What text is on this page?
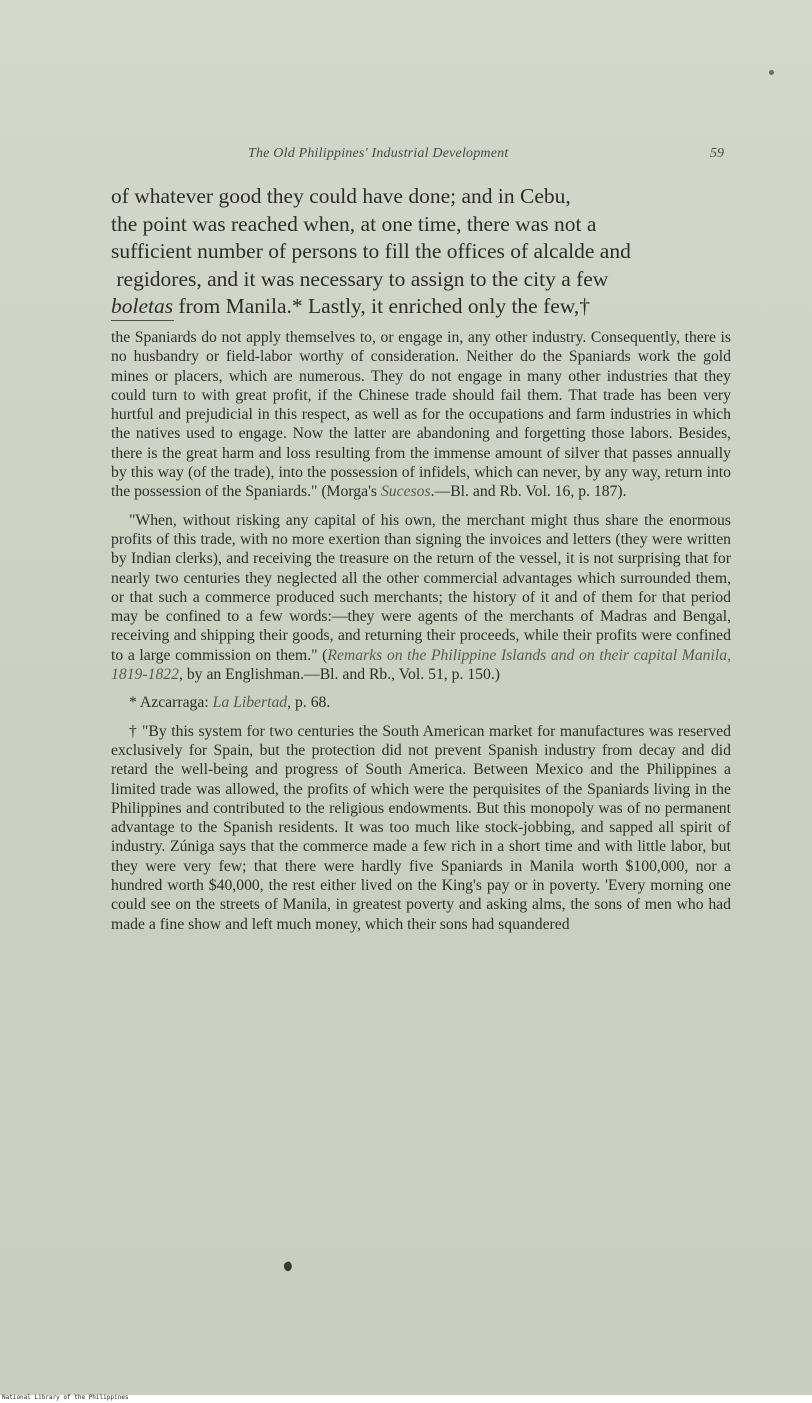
The Old Philippines' Industrial Development	59
of whatever good they could have done; and in Cebu,
the point was reached when, at one time, there was not a
sufficient number of persons to fill the offices of alcalde and
regidores, and it was necessary to assign to the city a few
boletas from Manila.* Lastly, it enriched only the few,†

the Spaniards do not apply themselves to, or engage in, any other industry. Consequently, there is no husbandry or field-labor worthy of consideration. Neither do the Spaniards work the gold mines or placers, which are numerous. They do not engage in many other industries that they could turn to with great profit, if the Chinese trade should fail them. That trade has been very hurtful and prejudicial in this respect, as well as for the occupations and farm industries in which the natives used to engage. Now the latter are abandoning and forgetting those labors. Besides, there is the great harm and loss resulting from the immense amount of silver that passes annually by this way (of the trade), into the possession of infidels, which can never, by any way, return into the possession of the Spaniards." (Morga's Sucesos.—Bl. and Rb. Vol. 16, p. 187).

"When, without risking any capital of his own, the merchant might thus share the enormous profits of this trade, with no more exertion than signing the invoices and letters (they were written by Indian clerks), and receiving the treasure on the return of the vessel, it is not surprising that for nearly two centuries they neglected all the other commercial advantages which surrounded them, or that such a commerce produced such merchants; the history of it and of them for that period may be confined to a few words:—they were agents of the merchants of Madras and Bengal, receiving and shipping their goods, and returning their proceeds, while their profits were confined to a large commission on them." (Remarks on the Philippine Islands and on their capital Manila, 1819-1822, by an Englishman.—Bl. and Rb., Vol. 51, p. 150.)

* Azcarraga: La Libertad, p. 68.

† "By this system for two centuries the South American market for manufactures was reserved exclusively for Spain, but the protection did not prevent Spanish industry from decay and did retard the well-being and progress of South America. Between Mexico and the Philippines a limited trade was allowed, the profits of which were the perquisites of the Spaniards living in the Philippines and contributed to the religious endowments. But this monopoly was of no permanent advantage to the Spanish residents. It was too much like stock-jobbing, and sapped all spirit of industry. Zúniga says that the commerce made a few rich in a short time and with little labor, but they were very few; that there were hardly five Spaniards in Manila worth $100,000, nor a hundred worth $40,000, the rest either lived on the King's pay or in poverty. 'Every morning one could see on the streets of Manila, in greatest poverty and asking alms, the sons of men who had made a fine show and left much money, which their sons had squandered

National Library of the Philippines
